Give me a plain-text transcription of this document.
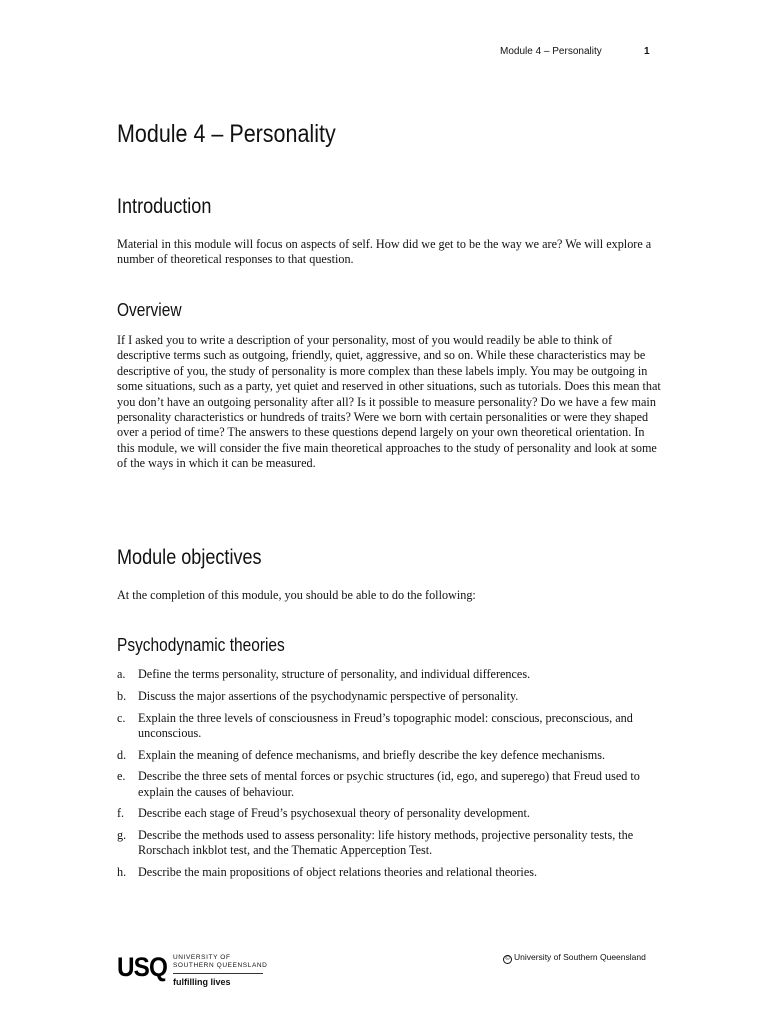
Module 4 – Personality	1
Module 4 – Personality
Introduction
Material in this module will focus on aspects of self. How did we get to be the way we are? We will explore a number of theoretical responses to that question.
Overview
If I asked you to write a description of your personality, most of you would readily be able to think of descriptive terms such as outgoing, friendly, quiet, aggressive, and so on. While these characteristics may be descriptive of you, the study of personality is more complex than these labels imply. You may be outgoing in some situations, such as a party, yet quiet and reserved in other situations, such as tutorials. Does this mean that you don’t have an outgoing personality after all? Is it possible to measure personality? Do we have a few main personality characteristics or hundreds of traits? Were we born with certain personalities or were they shaped over a period of time? The answers to these questions depend largely on your own theoretical orientation. In this module, we will consider the five main theoretical approaches to the study of personality and look at some of the ways in which it can be measured.
Module objectives
At the completion of this module, you should be able to do the following:
Psychodynamic theories
a.	Define the terms personality, structure of personality, and individual differences.
b. Discuss the major assertions of the psychodynamic perspective of personality.
c.	Explain the three levels of consciousness in Freud’s topographic model: conscious, preconscious, and unconscious.
d. Explain the meaning of defence mechanisms, and briefly describe the key defence mechanisms.
e.	Describe the three sets of mental forces or psychic structures (id, ego, and superego) that Freud used to explain the causes of behaviour.
f.	Describe each stage of Freud’s psychosexual theory of personality development.
g. Describe the methods used to assess personality: life history methods, projective personality tests, the Rorschach inkblot test, and the Thematic Apperception Test.
h. Describe the main propositions of object relations theories and relational theories.
USQ UNIVERSITY OF
SOUTHERN QUEENSLAND
fulfilling lives
© University of Southern Queensland
